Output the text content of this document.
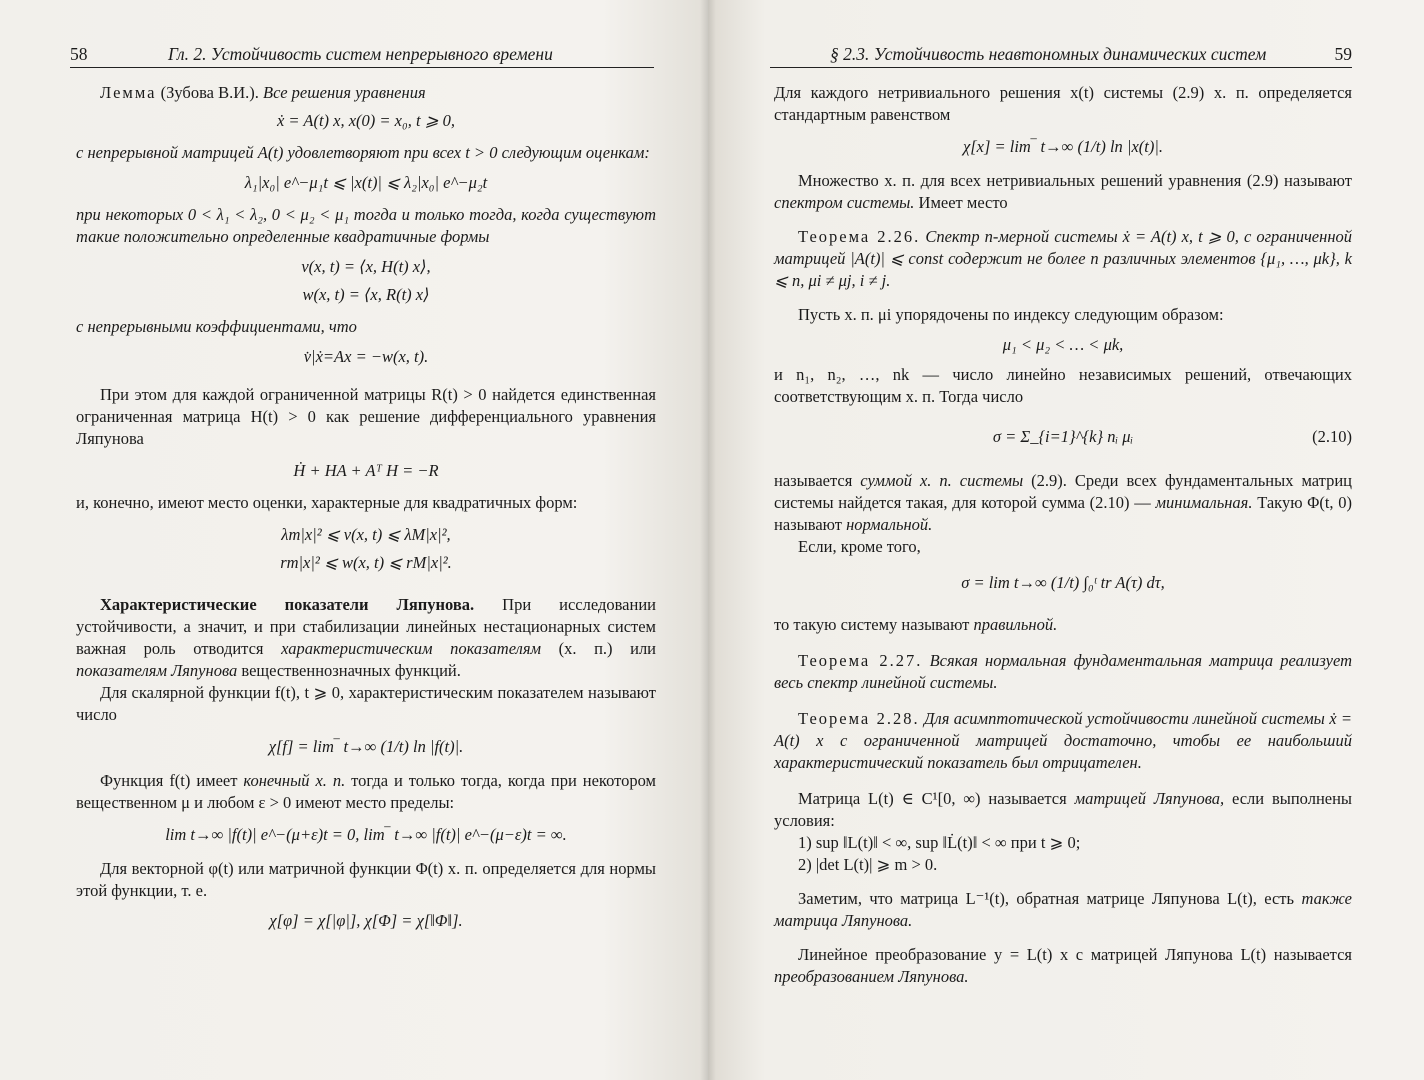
58	Гл. 2. Устойчивость систем непрерывного времени

Лемма (Зубова В.И.). Все решения уравнения

ẋ = A(t) x, x(0) = x₀, t ⩾ 0,

с непрерывной матрицей A(t) удовлетворяют при всех t > 0 следующим оценкам:

λ₁|x₀| e^−μ₁t ⩽ |x(t)| ⩽ λ₂|x₀| e^−μ₂t

при некоторых 0 < λ₁ < λ₂, 0 < μ₂ < μ₁ тогда и только тогда, когда существуют такие положительно определенные квадратичные формы

v(x, t) = ⟨x, H(t) x⟩,

w(x, t) = ⟨x, R(t) x⟩

с непрерывными коэффициентами, что

v̇|ẋ=Ax = −w(x, t).

При этом для каждой ограниченной матрицы R(t) > 0 найдется единственная ограниченная матрица H(t) > 0 как решение дифференциального уравнения Ляпунова

Ḣ + HA + Aᵀ H = −R

и, конечно, имеют место оценки, характерные для квадратичных форм:

λm|x|² ⩽ v(x, t) ⩽ λM|x|²,

rm|x|² ⩽ w(x, t) ⩽ rM|x|².

Характеристические показатели Ляпунова. При исследовании устойчивости, а значит, и при стабилизации линейных нестационарных систем важная роль отводится характеристическим показателям (х. п.) или показателям Ляпунова вещественнозначных функций.

Для скалярной функции f(t), t ⩾ 0, характеристическим показателем называют число

χ[f] = lim‾ t→∞ (1/t) ln |f(t)|.

Функция f(t) имеет конечный х. п. тогда и только тогда, когда при некотором вещественном μ и любом ε > 0 имеют место пределы:

lim t→∞ |f(t)| e^−(μ+ε)t = 0, lim‾ t→∞ |f(t)| e^−(μ−ε)t = ∞.

Для векторной φ(t) или матричной функции Φ(t) х. п. определяется для нормы этой функции, т. е.

χ[φ] = χ[|φ|], χ[Φ] = χ[‖Φ‖].

§ 2.3. Устойчивость неавтономных динамических систем	59

Для каждого нетривиального решения x(t) системы (2.9) х. п. определяется стандартным равенством

χ[x] = lim‾ t→∞ (1/t) ln |x(t)|.

Множество х. п. для всех нетривиальных решений уравнения (2.9) называют спектром системы. Имеет место

Теорема 2.26. Спектр n-мерной системы ẋ = A(t) x, t ⩾ 0, с ограниченной матрицей |A(t)| ⩽ const содержит не более n различных элементов {μ₁, …, μk}, k ⩽ n, μi ≠ μj, i ≠ j.

Пусть х. п. μi упорядочены по индексу следующим образом:

μ₁ < μ₂ < … < μk,

и n₁, n₂, …, nk — число линейно независимых решений, отвечающих соответствующим х. п. Тогда число

σ = Σ_{i=1}^{k} nᵢ μᵢ	(2.10)

называется суммой х. п. системы (2.9). Среди всех фундаментальных матриц системы найдется такая, для которой сумма (2.10) — минимальная. Такую Φ(t, 0) называют нормальной.

Если, кроме того,

σ = lim t→∞ (1/t) ∫₀ᵗ tr A(τ) dτ,

то такую систему называют правильной.

Теорема 2.27. Всякая нормальная фундаментальная матрица реализует весь спектр линейной системы.

Теорема 2.28. Для асимптотической устойчивости линейной системы ẋ = A(t) x с ограниченной матрицей достаточно, чтобы ее наибольший характеристический показатель был отрицателен.

Матрица L(t) ∈ C¹[0, ∞) называется матрицей Ляпунова, если выполнены условия:

1) sup ‖L(t)‖ < ∞, sup ‖L̇(t)‖ < ∞ при t ⩾ 0;

2) |det L(t)| ⩾ m > 0.

Заметим, что матрица L⁻¹(t), обратная матрице Ляпунова L(t), есть также матрица Ляпунова.

Линейное преобразование y = L(t) x с матрицей Ляпунова L(t) называется преобразованием Ляпунова.
